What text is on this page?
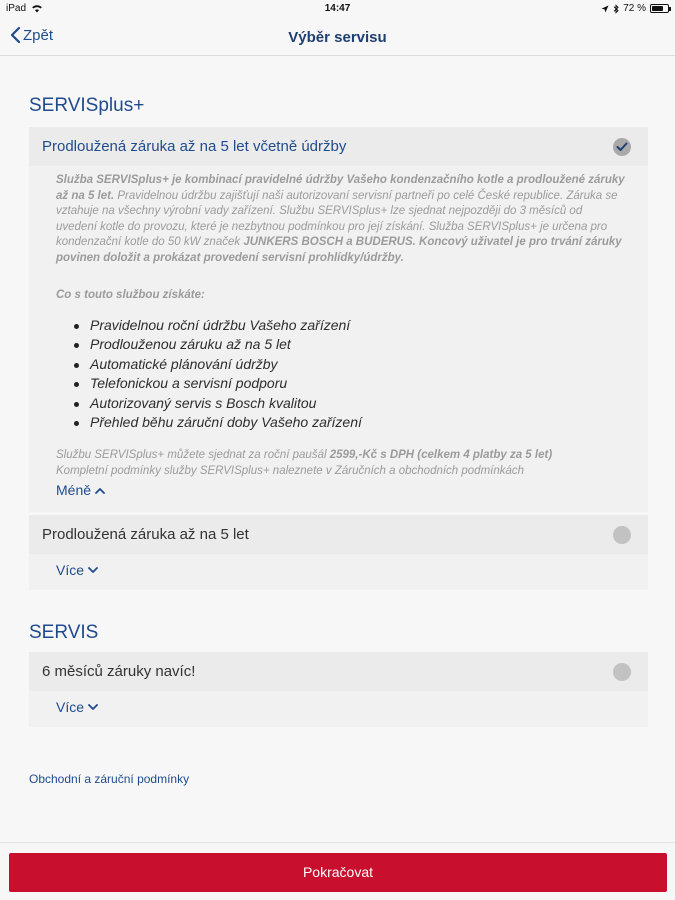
iPad	14:47	72 %
Zpět	Výběr servisu
SERVISplus+
Prodloužená záruka až na 5 let včetně údržby
Služba SERVISplus+ je kombinací pravidelné údržby Vašeho kondenzačního kotle a prodloužené záruky až na 5 let. Pravidelnou údržbu zajišťují naši autorizovaní servisní partneři po celé České republice. Záruka se vztahuje na všechny výrobní vady zařízení. Službu SERVISplus+ lze sjednat nejpozději do 3 měsíců od uvedení kotle do provozu, které je nezbytnou podmínkou pro její získání. Služba SERVISplus+ je určena pro kondenzační kotle do 50 kW značek JUNKERS BOSCH a BUDERUS. Koncový uživatel je pro trvání záruky povinen doložit a prokázat provedení servisní prohlídky/údržby.
Co s touto službou získáte:
Pravidelnou roční údržbu Vašeho zařízení
Prodlouženou záruku až na 5 let
Automatické plánování údržby
Telefonickou a servisní podporu
Autorizovaný servis s Bosch kvalitou
Přehled běhu záruční doby Vašeho zařízení
Službu SERVISplus+ můžete sjednat za roční paušál 2599,-Kč s DPH (celkem 4 platby za 5 let)
Kompletní podmínky služby SERVISplus+ naleznete v Záručních a obchodních podmínkách
Méně
Prodloužená záruka až na 5 let
Více
SERVIS
6 měsíců záruky navíc!
Více
Obchodní a záruční podmínky
Pokračovat
